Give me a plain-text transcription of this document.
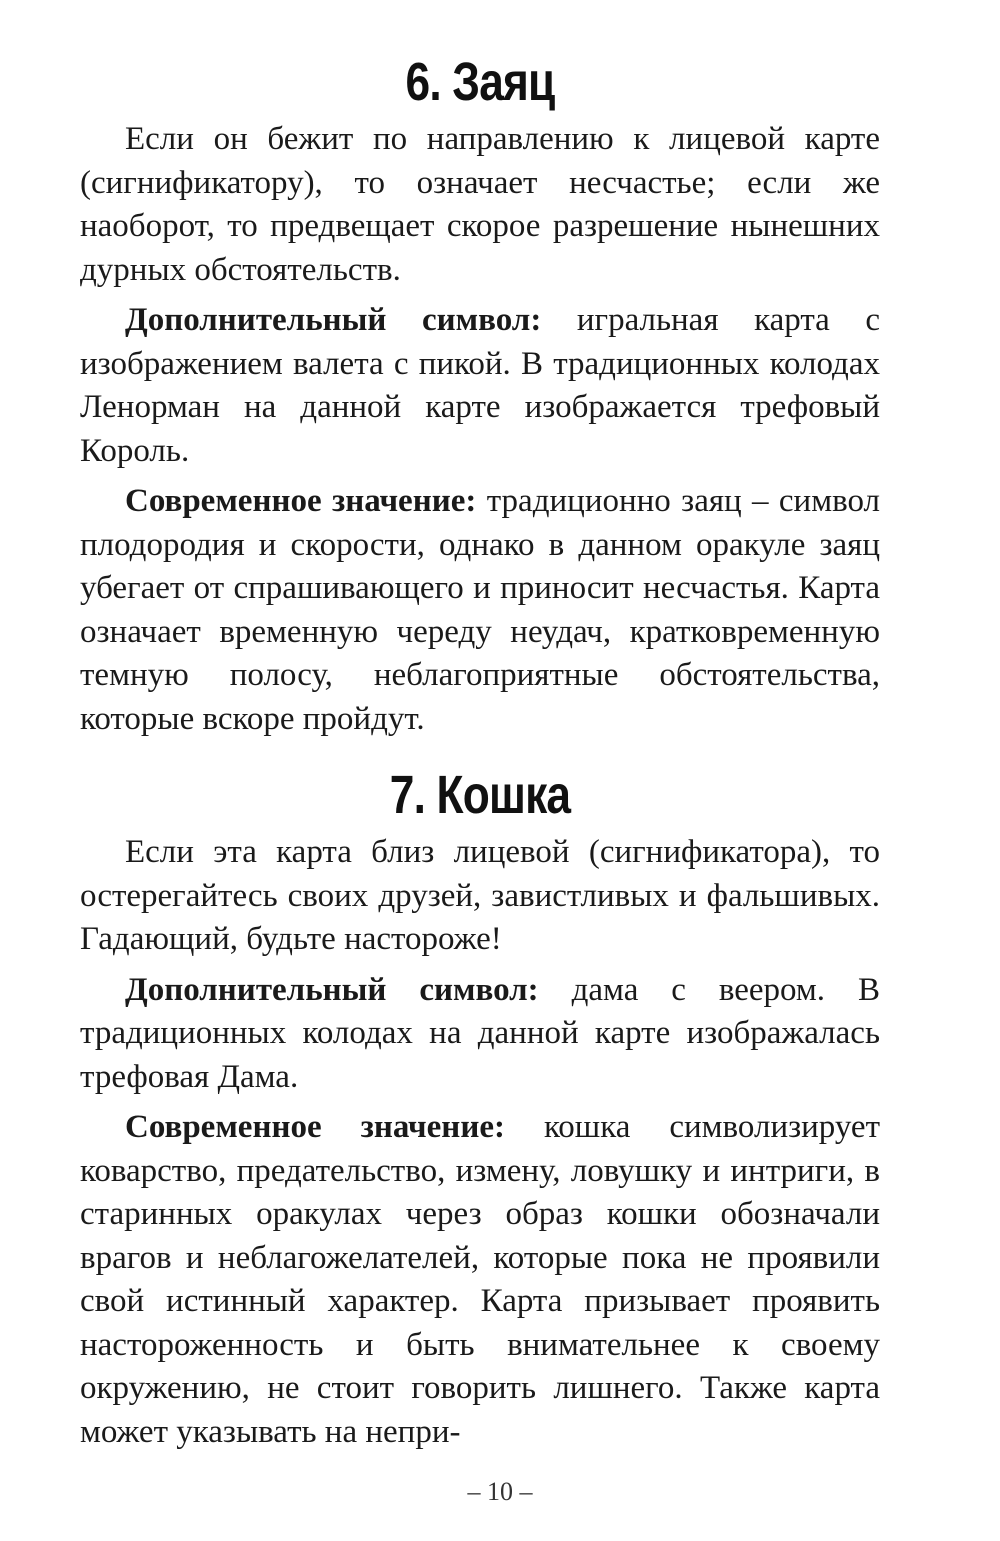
6. Заяц

Если он бежит по направлению к лицевой карте (сигнификатору), то означает несчастье; если же наоборот, то предвещает скорое разрешение нынешних дурных обстоятельств.

Дополнительный символ: игральная карта с изображением валета с пикой. В традиционных колодах Ленорман на данной карте изображается трефовый Король.

Современное значение: традиционно заяц – символ плодородия и скорости, однако в данном оракуле заяц убегает от спрашивающего и приносит несчастья. Карта означает временную череду неудач, кратковременную темную полосу, неблагоприятные обстоятельства, которые вскоре пройдут.

7. Кошка

Если эта карта близ лицевой (сигнификатора), то остерегайтесь своих друзей, завистливых и фальшивых. Гадающий, будьте настороже!

Дополнительный символ: дама с веером. В традиционных колодах на данной карте изображалась трефовая Дама.

Современное значение: кошка символизирует коварство, предательство, измену, ловушку и интриги, в старинных оракулах через образ кошки обозначали врагов и неблагожелателей, которые пока не проявили свой истинный характер. Карта призывает проявить настороженность и быть внимательнее к своему окружению, не стоит говорить лишнего. Также карта может указывать на непри-

– 10 –
